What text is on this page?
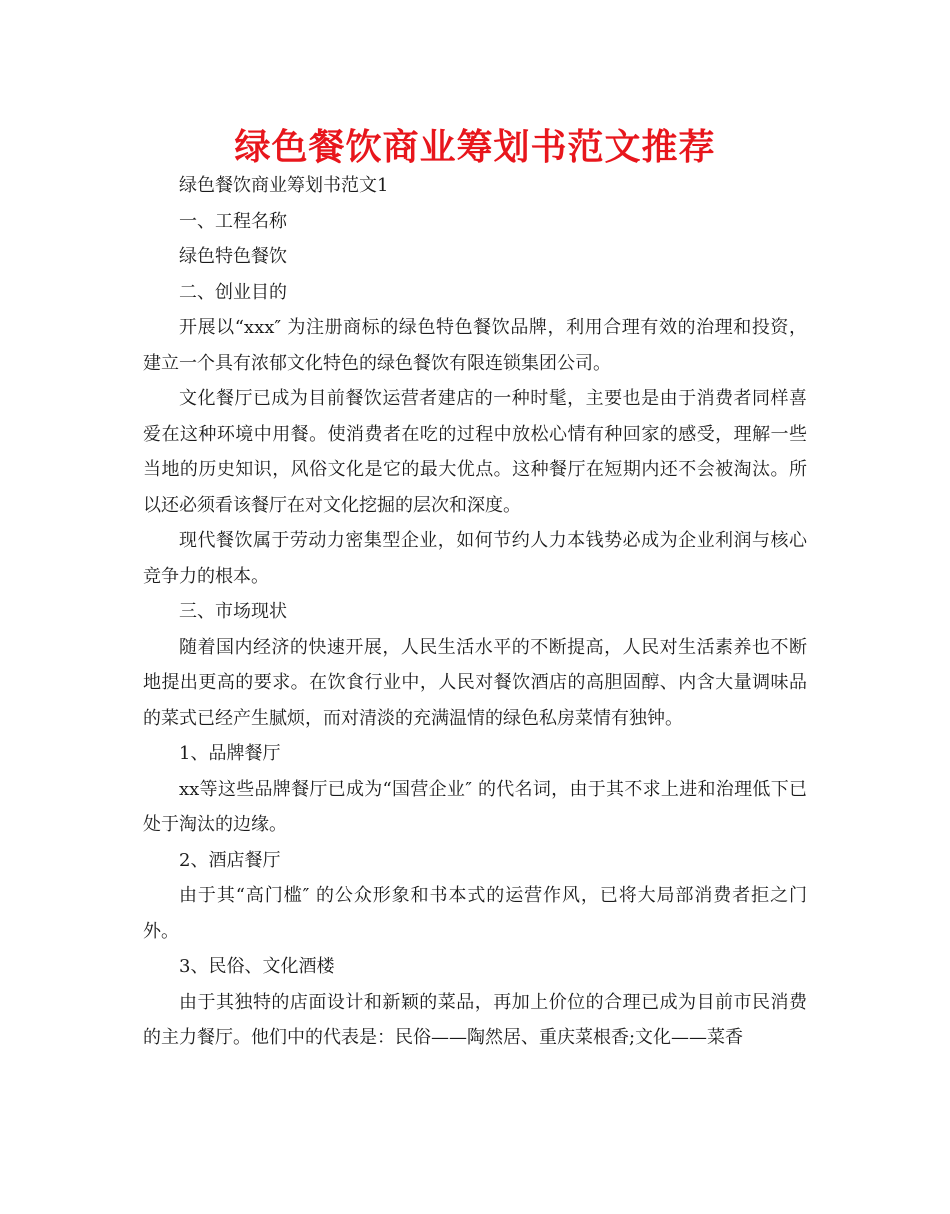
绿色餐饮商业筹划书范文推荐

绿色餐饮商业筹划书范文1

一、工程名称

绿色特色餐饮

二、创业目的

开展以“xxx″ 为注册商标的绿色特色餐饮品牌，利用合理有效的治理和投资，建立一个具有浓郁文化特色的绿色餐饮有限连锁集团公司。

文化餐厅已成为目前餐饮运营者建店的一种时髦，主要也是由于消费者同样喜爱在这种环境中用餐。使消费者在吃的过程中放松心情有种回家的感受，理解一些当地的历史知识，风俗文化是它的最大优点。这种餐厅在短期内还不会被淘汰。所以还必须看该餐厅在对文化挖掘的层次和深度。

现代餐饮属于劳动力密集型企业，如何节约人力本钱势必成为企业利润与核心竞争力的根本。

三、市场现状

随着国内经济的快速开展，人民生活水平的不断提高，人民对生活素养也不断地提出更高的要求。在饮食行业中，人民对餐饮酒店的高胆固醇、内含大量调味品的菜式已经产生腻烦，而对清淡的充满温情的绿色私房菜情有独钟。

1、品牌餐厅

xx等这些品牌餐厅已成为“国营企业″ 的代名词，由于其不求上进和治理低下已处于淘汰的边缘。

2、酒店餐厅

由于其“高门槛″ 的公众形象和书本式的运营作风，已将大局部消费者拒之门外。

3、民俗、文化酒楼

由于其独特的店面设计和新颖的菜品，再加上价位的合理已成为目前市民消费的主力餐厅。他们中的代表是：民俗——陶然居、重庆菜根香;文化——菜香
